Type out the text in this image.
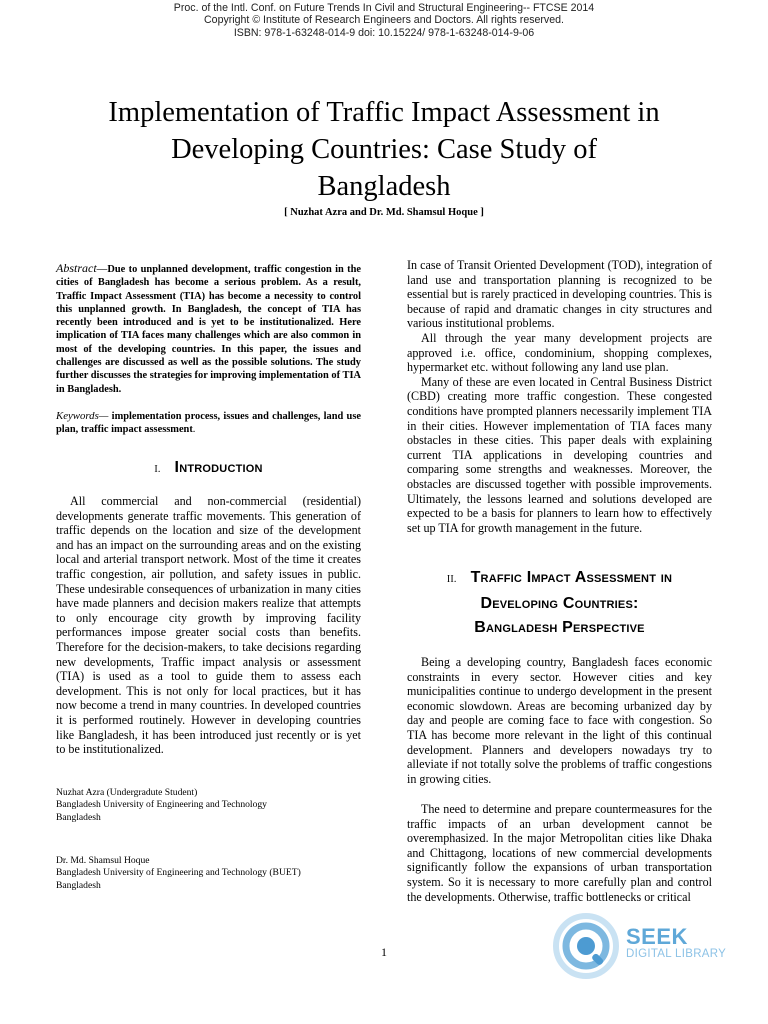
Proc. of the Intl. Conf. on Future Trends In Civil and Structural Engineering-- FTCSE 2014
Copyright © Institute of Research Engineers and Doctors. All rights reserved.
ISBN: 978-1-63248-014-9 doi: 10.15224/ 978-1-63248-014-9-06
Implementation of Traffic Impact Assessment in
Developing Countries: Case Study of
Bangladesh
[ Nuzhat Azra and Dr. Md. Shamsul Hoque ]
Abstract—Due to unplanned development, traffic congestion in the cities of Bangladesh has become a serious problem. As a result, Traffic Impact Assessment (TIA) has become a necessity to control this unplanned growth. In Bangladesh, the concept of TIA has recently been introduced and is yet to be institutionalized. Here implication of TIA faces many challenges which are also common in most of the developing countries. In this paper, the issues and challenges are discussed as well as the possible solutions. The study further discusses the strategies for improving implementation of TIA in Bangladesh.
Keywords— implementation process, issues and challenges, land use plan, traffic impact assessment.
I. Introduction

All commercial and non-commercial (residential) developments generate traffic movements. This generation of traffic depends on the location and size of the development and has an impact on the surrounding areas and on the existing local and arterial transport network. Most of the time it creates traffic congestion, air pollution, and safety issues in public. These undesirable consequences of urbanization in many cities have made planners and decision makers realize that attempts to only encourage city growth by improving facility performances impose greater social costs than benefits. Therefore for the decision-makers, to take decisions regarding new developments, Traffic impact analysis or assessment (TIA) is used as a tool to guide them to assess each development. This is not only for local practices, but it has now become a trend in many countries. In developed countries it is performed routinely. However in developing countries like Bangladesh, it has been introduced just recently or is yet to be institutionalized.

Nuzhat Azra (Undergradute Student)
Bangladesh University of Engineering and Technology
Bangladesh
Dr. Md. Shamsul Hoque
Bangladesh University of Engineering and Technology (BUET)
Bangladesh

In case of Transit Oriented Development (TOD), integration of land use and transportation planning is recognized to be essential but is rarely practiced in developing countries. This is because of rapid and dramatic changes in city structures and various institutional problems.

All through the year many development projects are approved i.e. office, condominium, shopping complexes, hypermarket etc. without following any land use plan.

Many of these are even located in Central Business District (CBD) creating more traffic congestion. These congested conditions have prompted planners necessarily implement TIA in their cities. However implementation of TIA faces many obstacles in these cities. This paper deals with explaining current TIA applications in developing countries and comparing some strengths and weaknesses. Moreover, the obstacles are discussed together with possible improvements. Ultimately, the lessons learned and solutions developed are expected to be a basis for planners to learn how to effectively set up TIA for growth management in the future.

II. Traffic Impact Assessment in
Developing Countries:
Bangladesh Perspective

Being a developing country, Bangladesh faces economic constraints in every sector. However cities and key municipalities continue to undergo development in the present economic slowdown. Areas are becoming urbanized day by day and people are coming face to face with congestion. So TIA has become more relevant in the light of this continual development. Planners and developers nowadays try to alleviate if not totally solve the problems of traffic congestions in growing cities.

The need to determine and prepare countermeasures for the traffic impacts of an urban development cannot be overemphasized. In the major Metropolitan cities like Dhaka and Chittagong, locations of new commercial developments significantly follow the expansions of urban transportation system. So it is necessary to more carefully plan and control the developments. Otherwise, traffic bottlenecks or critical

1
SEEK
DIGITAL LIBRARY
